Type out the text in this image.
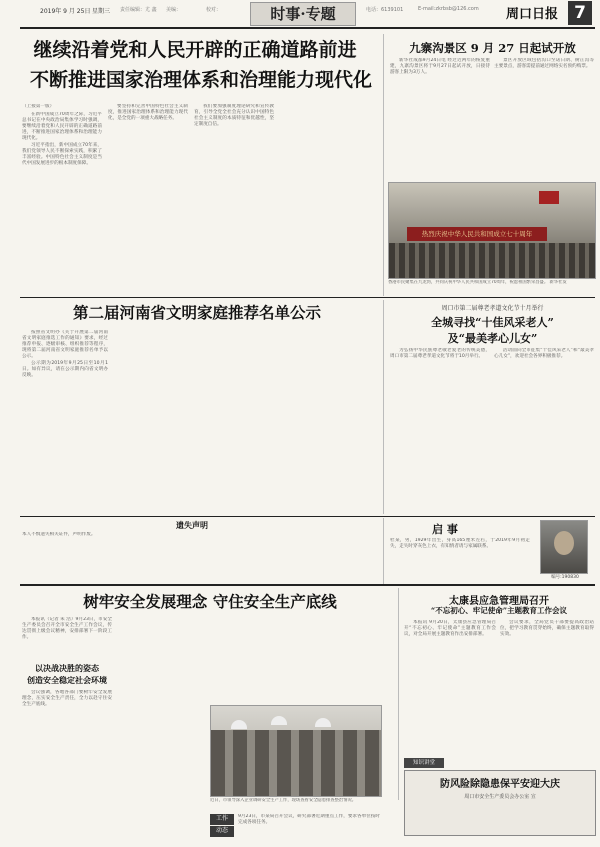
2019年 9 月 25日 星期三 责任编辑：尤 鑫 美编：	校对：	时事·专题	电话：6139101	E-mail:zkrbsb@126.com 周口日报 7
继续沿着党和人民开辟的正确道路前进
不断推进国家治理体系和治理能力现代化
（上接第一版）

在新中国成立70周年之际，习近平总书记在中央政治局集体学习时强调，要继续沿着党和人民开辟的正确道路前进，不断推进国家治理体系和治理能力现代化。

习近平指出，新中国成立70年来，我们党领导人民不断探索实践，积累了丰富经验。中国特色社会主义制度是当代中国发展进步的根本制度保障。

要坚持和完善中国特色社会主义制度，推进国家治理体系和治理能力现代化，是全党的一项重大战略任务。

我们要加强制度理论研究和宣传教育，引导全党全社会充分认识中国特色社会主义制度的本质特征和优越性，坚定制度自信。

九寨沟景区 9 月 27 日起试开放

新华社成都9月24日电 经过近两年的恢复重建，九寨沟景区将于9月27日起试开放，日接待游客上限为3万人。

景区开放区域包括沟口至诺日朗、树正沟等主要景点，游客需提前通过网络实名预约购票。

热烈庆祝中华人民共和国成立七十周年
香港市民聚集在九龙湾，共同庆祝中华人民共和国成立70周年，祝愿祖国繁荣昌盛。 新华社发
第二届河南省文明家庭推荐名单公示

按照省文明办《关于开展第二届河南省文明家庭推选工作的通知》要求，经过推荐申报、逐级审核、组织推荐等程序，现将第二届河南省文明家庭推荐名单予以公示。

公示期为2019年9月25日至10月1日。如有异议，请在公示期内向省文明办反映。

周口市第二届尊老孝道文化节十月举行
全城寻找“十佳风采老人”
及“最美孝心儿女”

为弘扬中华民族尊老敬老爱老的传统美德，周口市第二届尊老孝道文化节将于10月举行。

活动面向全市征集“十佳风采老人”和“最美孝心儿女”，欢迎社会各界积极推荐。

遗失声明
本人不慎遗失相关证件，声明作废。	启 事
杜某，男，1929年出生，身高165厘米左右，于2019年9月初走失，走失时穿灰色上衣，有知情者请与家属联系。
编号:190830
树牢安全发展理念 守住安全生产底线

本报讯（记者 朱 浩）9月23日，市安全生产委员会召开全市安全生产工作会议，传达贯彻上级会议精神，安排部署下一阶段工作。

以决战决胜的姿态
创造安全稳定社会环境

会议强调，各地各部门要树牢安全发展理念，压实安全生产责任，全力以赴守住安全生产底线。

近日，市领导深入企业调研安全生产工作，现场查看安全隐患排查整治情况。
工作
动态
9月23日，市某局召开会议，研究部署近期重点工作，要求各单位按时完成各项任务。
太康县应急管理局召开
“不忘初心、牢记使命”主题教育工作会议

本报讯 9月20日，太康县应急管理局召开“不忘初心、牢记使命”主题教育工作会议，对全局开展主题教育作出安排部署。

会议要求，全局党员干部要提高政治站位，把学习教育贯穿始终，确保主题教育取得实效。

知识讲堂
防风险除隐患保平安迎大庆
周口市安全生产委员会办公室 宣
